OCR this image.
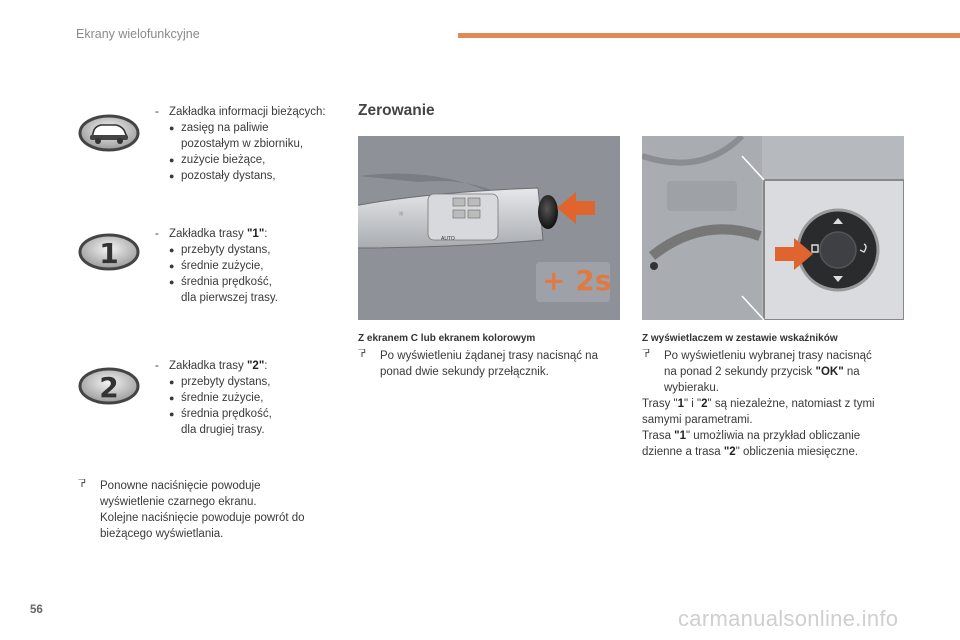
Ekrany wielofunkcyjne
- Zakładka informacji bieżących:
● zasięg na paliwie
pozostałym w zbiorniku,
● zużycie bieżące,
● pozostały dystans,
1
- Zakładka trasy "1":
● przebyty dystans,
● średnie zużycie,
● średnia prędkość,
dla pierwszej trasy.
2
- Zakładka trasy "2":
● przebyty dystans,
● średnie zużycie,
● średnia prędkość,
dla drugiej trasy.
Ponowne naciśnięcie powoduje
wyświetlenie czarnego ekranu.
Kolejne naciśnięcie powoduje powrót do
bieżącego wyświetlania.
Zerowanie
AUTO
☼
+ 2s
Z ekranem C lub ekranem kolorowym
Po wyświetleniu żądanej trasy nacisnąć na
ponad dwie sekundy przełącznik.
Z wyświetlaczem w zestawie wskaźników
Po wyświetleniu wybranej trasy nacisnąć
na ponad 2 sekundy przycisk "OK" na
wybieraku.
Trasy "1" i "2" są niezależne, natomiast z tymi
samymi parametrami.
Trasa "1" umożliwia na przykład obliczanie
dzienne a trasa "2" obliczenia miesięczne.
56	carmanualsonline.info
